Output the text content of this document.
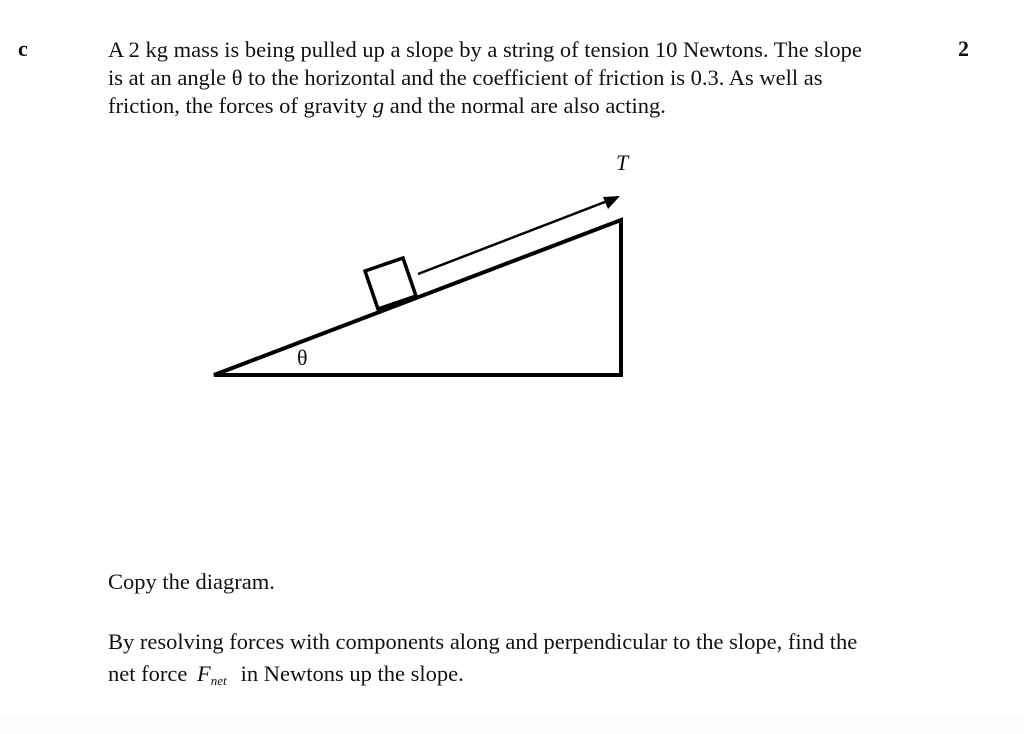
c	2

A 2 kg mass is being pulled up a slope by a string of tension 10 Newtons. The slope
is at an angle θ to the horizontal and the coefficient of friction is 0.3. As well as
friction, the forces of gravity g and the normal are also acting.

T
θ

Copy the diagram.

By resolving forces with components along and perpendicular to the slope, find the
net force $F_{net}$ in Newtons up the slope.
